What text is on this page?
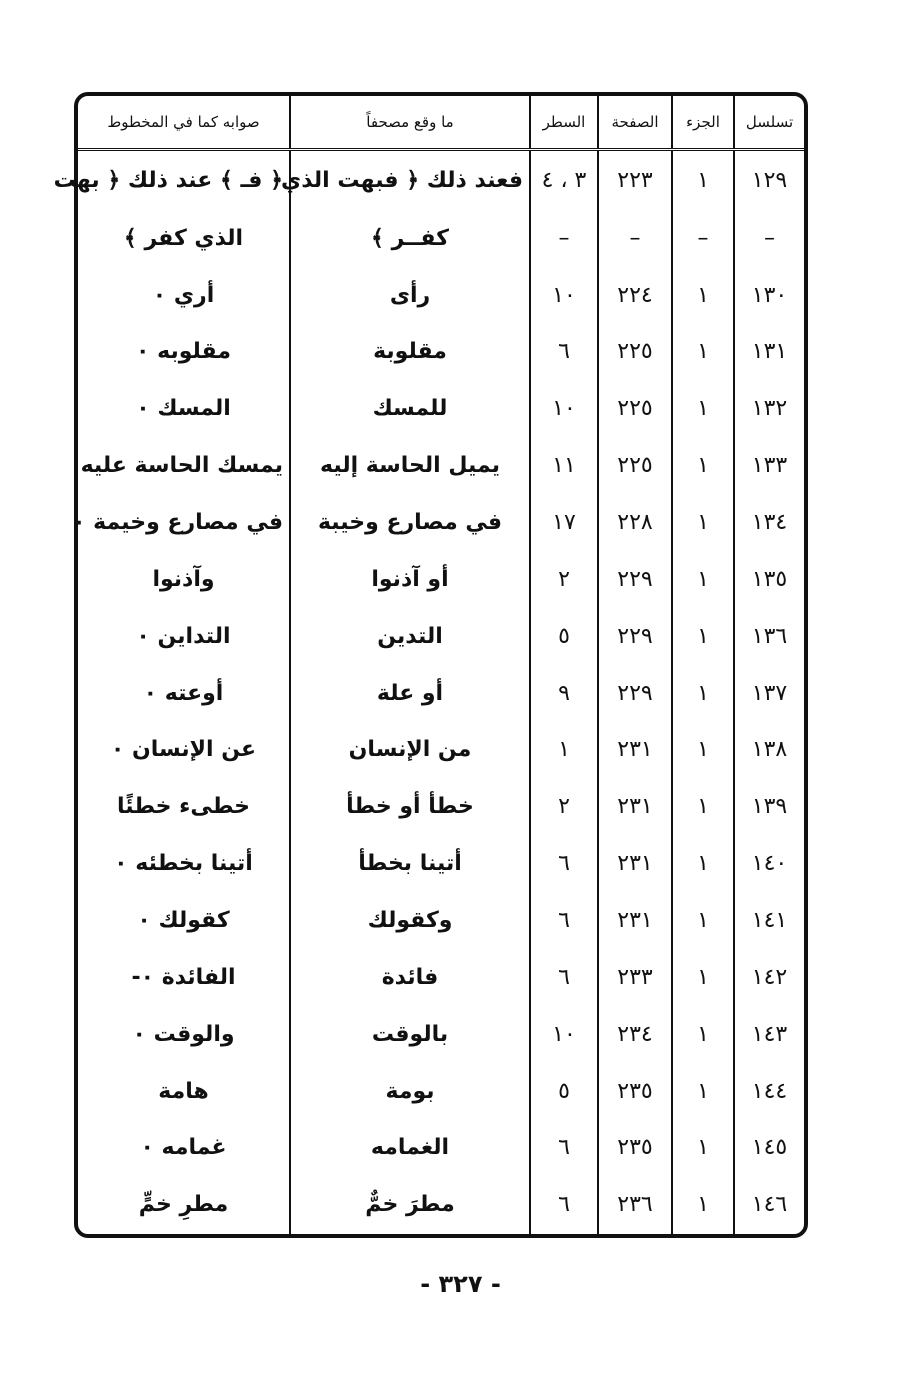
تسلسل	الجزء	الصفحة	السطر	ما وقع مصحفاً	صوابه كما في المخطوط
١٢٩	١	٢٢٣	٣ ، ٤	فعند ذلك ﴿ فبهت الذي	﴿ فـ ﴾ عند ذلك ﴿ بهت
–	–	–	–	كفــر ﴾	الذي كفر ﴾
١٣٠	١	٢٢٤	١٠	رأى	أري ٠
١٣١	١	٢٢٥	٦	مقلوبة	مقلوبه ٠
١٣٢	١	٢٢٥	١٠	للمسك	المسك ٠
١٣٣	١	٢٢٥	١١	يميل الحاسة إليه	يمسك الحاسة عليه
١٣٤	١	٢٢٨	١٧	في مصارع وخيبة	في مصارع وخيمة ٠
١٣٥	١	٢٢٩	٢	أو آذنوا	وآذنوا
١٣٦	١	٢٢٩	٥	التدين	التداين ٠
١٣٧	١	٢٢٩	٩	أو علة	أوعته ٠
١٣٨	١	٢٣١	١	من الإنسان	عن الإنسان ٠
١٣٩	١	٢٣١	٢	خطأ أو خطأ	خطىء خطئًا
١٤٠	١	٢٣١	٦	أتينا بخطأ	أتينا بخطئه ٠
١٤١	١	٢٣١	٦	وكقولك	كقولك ٠
١٤٢	١	٢٣٣	٦	فائدة	الفائدة ٠-
١٤٣	١	٢٣٤	١٠	بالوقت	والوقت ٠
١٤٤	١	٢٣٥	٥	بومة	هامة
١٤٥	١	٢٣٥	٦	الغمامه	غمامه ٠
١٤٦	١	٢٣٦	٦	مطرَ خمٌّ	مطرِ خمٍّ
- ٣٢٧ -
